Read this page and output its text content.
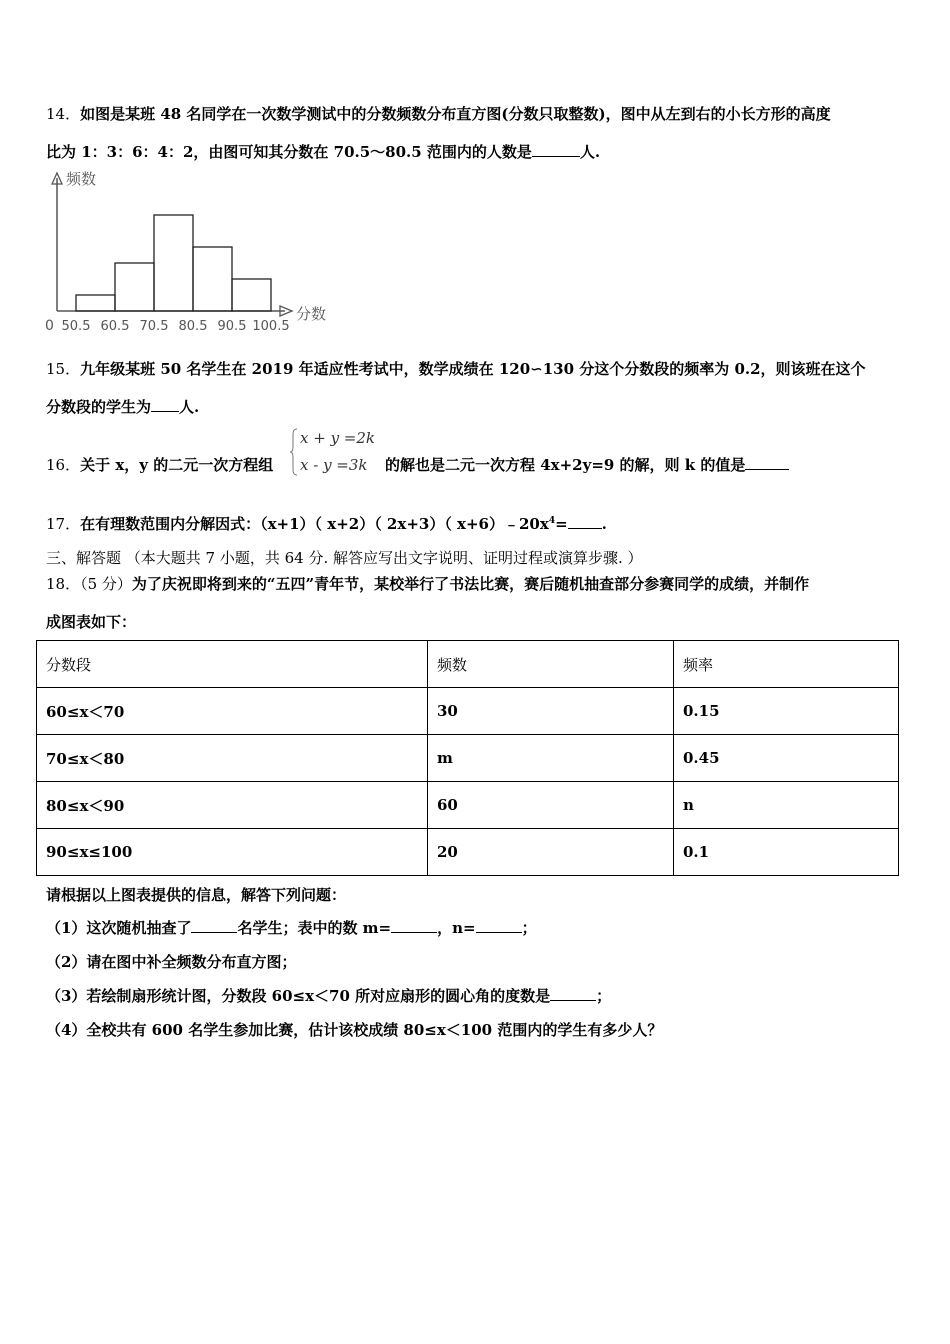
14．如图是某班 48 名同学在一次数学测试中的分数频数分布直方图(分数只取整数)，图中从左到右的小长方形的高度
比为 1：3：6：4：2，由图可知其分数在 70.5～80.5 范围内的人数是	人.
频数
分数
0 50.5 60.5 70.5 80.5 90.5 100.5
15．九年级某班 50 名学生在 2019 年适应性考试中，数学成绩在 120∽130 分这个分数段的频率为 0.2，则该班在这个
分数段的学生为 人.
16．关于 x，y 的二元一次方程组
x + y =2k
x - y =3k 的解也是二元一次方程 4x+2y=9 的解，则 k 的值是
17．在有理数范围内分解因式：（x+1）（ x+2）（ 2x+3）（ $x+6)﹣20x^4=$ .
三、解答题 （本大题共 7 小题，共 64 分. 解答应写出文字说明、证明过程或演算步骤. ）
18．（5 分）为了庆祝即将到来的“五四”青年节，某校举行了书法比赛，赛后随机抽查部分参赛同学的成绩，并制作
成图表如下：
分数段	频数	频率
60≤x＜70	30	0.15
70≤x＜80	m	0.45
80≤x＜90	60	n
90≤x≤100	20	0.1
请根据以上图表提供的信息，解答下列问题：
（1）这次随机抽查了	名学生；表中的数 m=	，n=	；
（2）请在图中补全频数分布直方图；
（3）若绘制扇形统计图，分数段 60≤x＜70 所对应扇形的圆心角的度数是	；
（4）全校共有 600 名学生参加比赛，估计该校成绩 80≤x＜100 范围内的学生有多少人？
